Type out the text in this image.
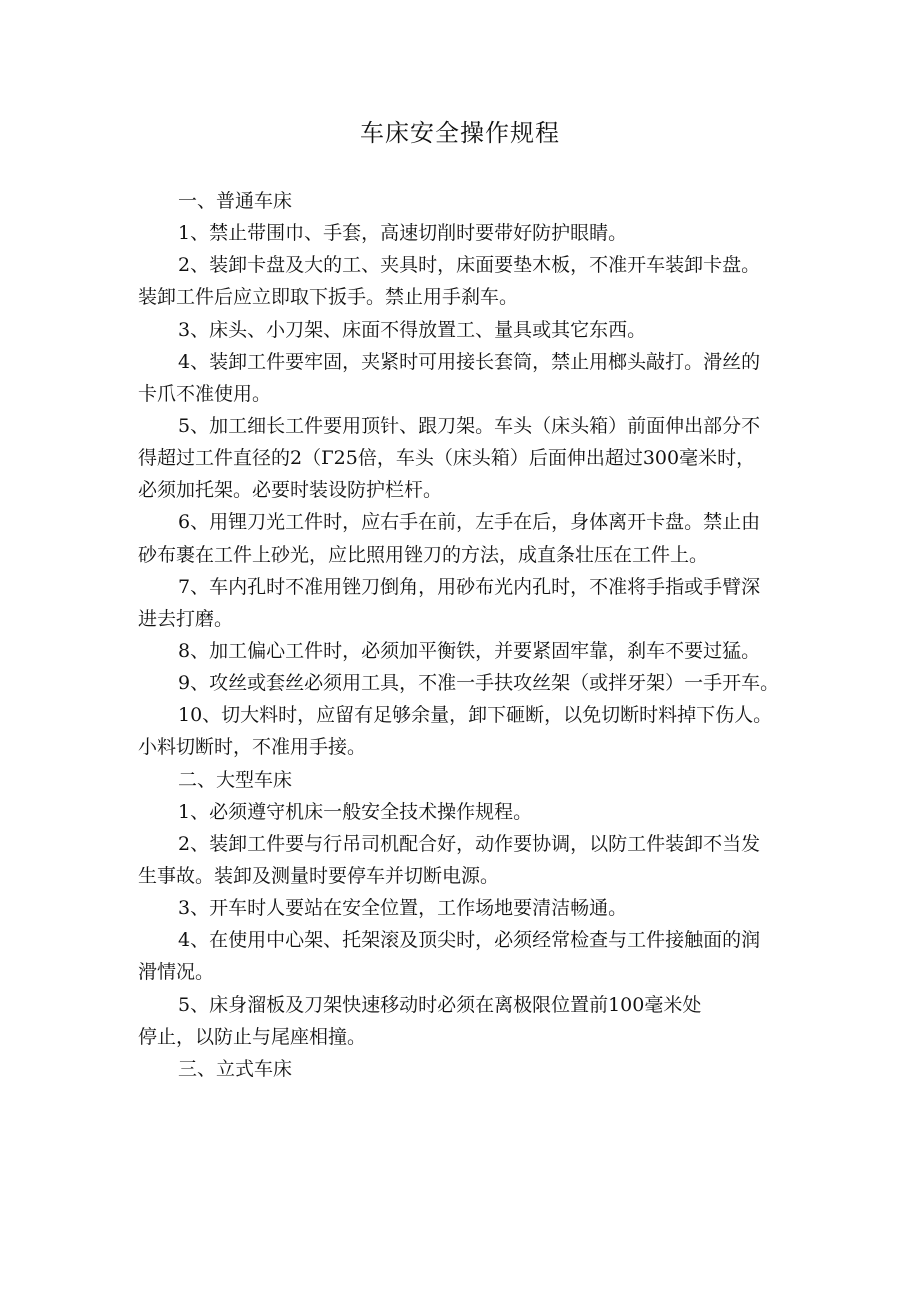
车床安全操作规程

一、普通车床

1、禁止带围巾、手套，高速切削时要带好防护眼睛。

2、装卸卡盘及大的工、夹具时，床面要垫木板，不准开车装卸卡盘。

装卸工件后应立即取下扳手。禁止用手刹车。

3、床头、小刀架、床面不得放置工、量具或其它东西。

4、装卸工件要牢固，夹紧时可用接长套筒，禁止用榔头敲打。滑丝的

卡爪不准使用。

5、加工细长工件要用顶针、跟刀架。车头（床头箱）前面伸出部分不

得超过工件直径的2（Г25倍，车头（床头箱）后面伸出超过300毫米时，

必须加托架。必要时装设防护栏杆。

6、用锂刀光工件时，应右手在前，左手在后，身体离开卡盘。禁止由

砂布裹在工件上砂光，应比照用锉刀的方法，成直条壮压在工件上。

7、车内孔时不准用锉刀倒角，用砂布光内孔时，不准将手指或手臂深

进去打磨。

8、加工偏心工件时，必须加平衡铁，并要紧固牢靠，刹车不要过猛。

9、攻丝或套丝必须用工具，不准一手扶攻丝架（或拌牙架）一手开车。

10、切大料时，应留有足够余量，卸下砸断，以免切断时料掉下伤人。

小料切断时，不准用手接。

二、大型车床

1、必须遵守机床一般安全技术操作规程。

2、装卸工件要与行吊司机配合好，动作要协调，以防工件装卸不当发

生事故。装卸及测量时要停车并切断电源。

3、开车时人要站在安全位置，工作场地要清洁畅通。

4、在使用中心架、托架滚及顶尖时，必须经常检查与工件接触面的润

滑情况。

5、床身溜板及刀架快速移动时必须在离极限位置前100毫米处

停止，以防止与尾座相撞。

三、立式车床
